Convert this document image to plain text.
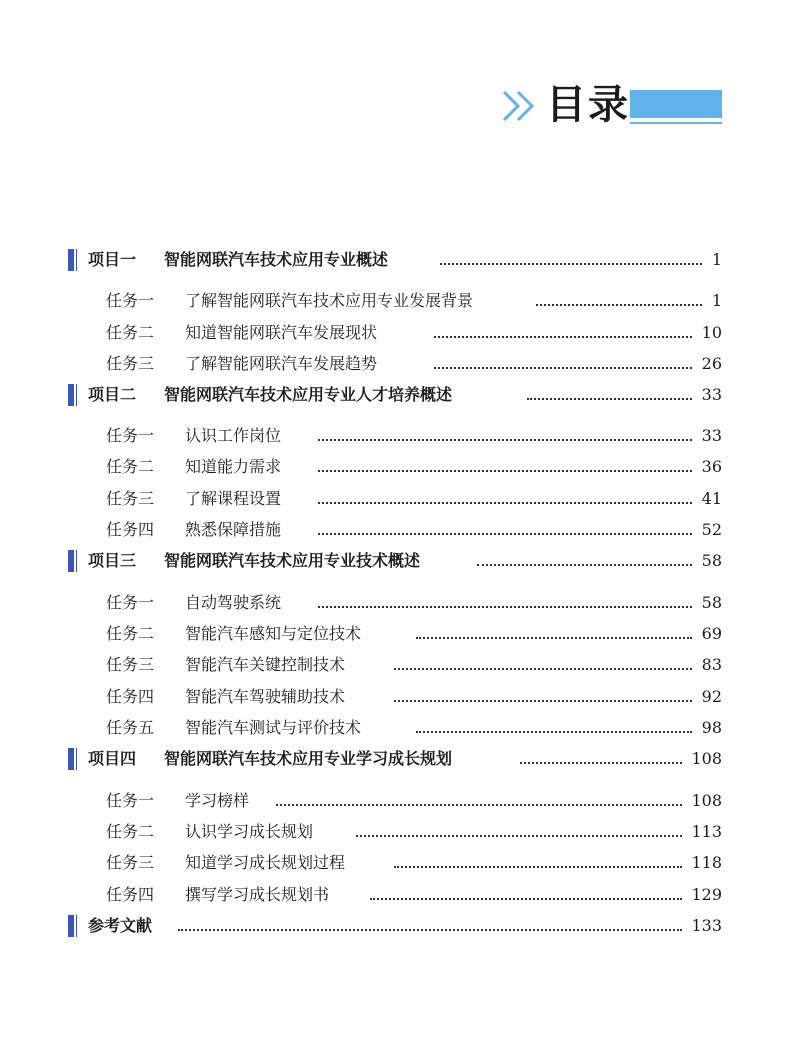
目录
项目一 智能网联汽车技术应用专业概述	1
任务一 了解智能网联汽车技术应用专业发展背景	1
任务二 知道智能网联汽车发展现状	10
任务三 了解智能网联汽车发展趋势	26
项目二 智能网联汽车技术应用专业人才培养概述	33
任务一 认识工作岗位	33
任务二 知道能力需求	36
任务三 了解课程设置	41
任务四 熟悉保障措施	52
项目三 智能网联汽车技术应用专业技术概述	58
任务一 自动驾驶系统	58
任务二 智能汽车感知与定位技术	69
任务三 智能汽车关键控制技术	83
任务四 智能汽车驾驶辅助技术	92
任务五 智能汽车测试与评价技术	98
项目四 智能网联汽车技术应用专业学习成长规划	108
任务一 学习榜样	108
任务二 认识学习成长规划	113
任务三 知道学习成长规划过程	118
任务四 撰写学习成长规划书	129
参考文献	133
